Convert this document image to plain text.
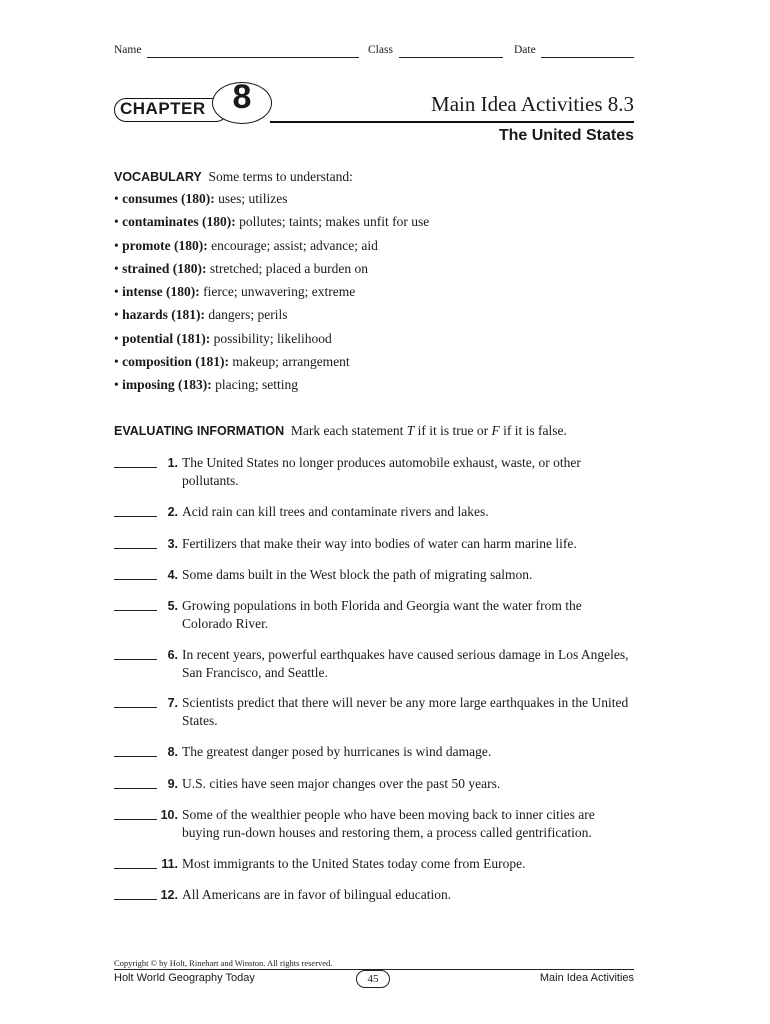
Name	Class	Date
CHAPTER 8	Main Idea Activities 8.3
The United States
VOCABULARY Some terms to understand:
• consumes (180): uses; utilizes
• contaminates (180): pollutes; taints; makes unfit for use
• promote (180): encourage; assist; advance; aid
• strained (180): stretched; placed a burden on
• intense (180): fierce; unwavering; extreme
• hazards (181): dangers; perils
• potential (181): possibility; likelihood
• composition (181): makeup; arrangement
• imposing (183): placing; setting
EVALUATING INFORMATION Mark each statement T if it is true or F if it is false.
1. The United States no longer produces automobile exhaust, waste, or other pollutants.
2. Acid rain can kill trees and contaminate rivers and lakes.
3. Fertilizers that make their way into bodies of water can harm marine life.
4. Some dams built in the West block the path of migrating salmon.
5. Growing populations in both Florida and Georgia want the water from the Colorado River.
6. In recent years, powerful earthquakes have caused serious damage in Los Angeles, San Francisco, and Seattle.
7. Scientists predict that there will never be any more large earthquakes in the United States.
8. The greatest danger posed by hurricanes is wind damage.
9. U.S. cities have seen major changes over the past 50 years.
10. Some of the wealthier people who have been moving back to inner cities are buying run-down houses and restoring them, a process called gentrification.
11. Most immigrants to the United States today come from Europe.
12. All Americans are in favor of bilingual education.
Copyright © by Holt, Rinehart and Winston. All rights reserved.
Holt World Geography Today	45	Main Idea Activities
